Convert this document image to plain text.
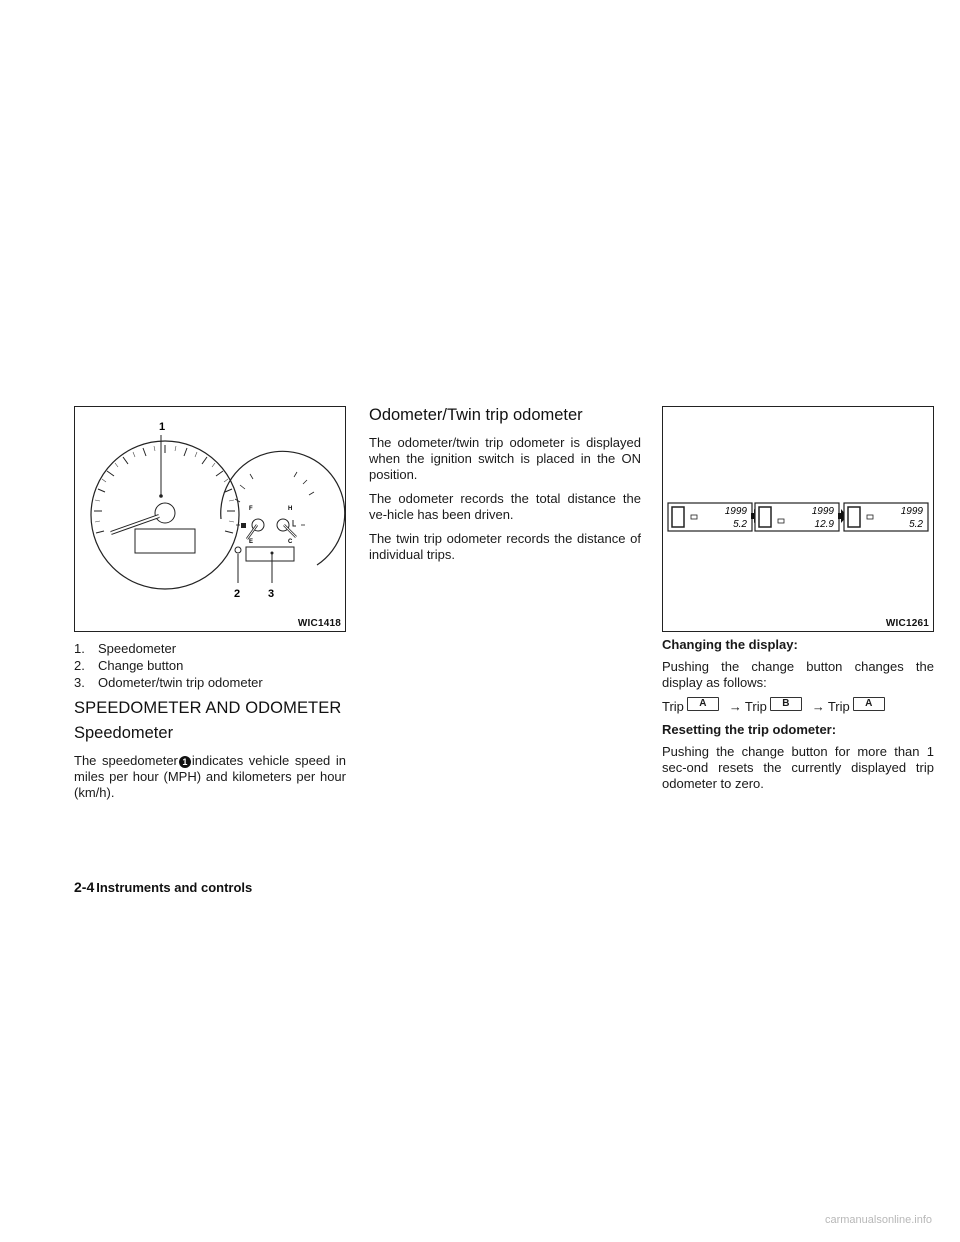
1
F	H
E	C
2	3
WIC1418
1.	Speedometer
2.	Change button
3.	Odometer/twin trip odometer
SPEEDOMETER AND ODOMETER
Speedometer

The speedometer 1 indicates vehicle speed in miles per hour (MPH) and kilometers per hour (km/h).

Odometer/Twin trip odometer

The odometer/twin trip odometer is displayed when the ignition switch is placed in the ON position.

The odometer records the total distance the ve-hicle has been driven.

The twin trip odometer records the distance of individual trips.

1999
5.2
1999
12.9
1999
5.2
WIC1261
Changing the display:

Pushing the change button changes the display as follows:

Trip	A	→ Trip	B	→ Trip	A
Resetting the trip odometer:

Pushing the change button for more than 1 sec-ond resets the currently displayed trip odometer to zero.

2-4 Instruments and controls
carmanualsonline.info
